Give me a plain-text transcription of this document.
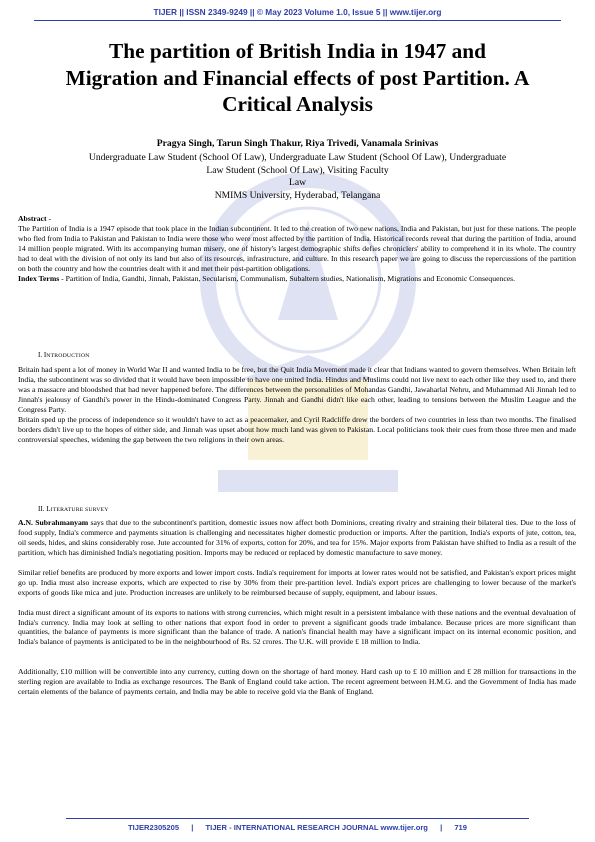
TIJER || ISSN 2349-9249 || © May 2023 Volume 1.0, Issue 5 || www.tijer.org
The partition of British India in 1947 and
Migration and Financial effects of post Partition. A
Critical Analysis
Pragya Singh, Tarun Singh Thakur, Riya Trivedi, Vanamala Srinivas
Undergraduate Law Student (School Of Law), Undergraduate Law Student (School Of Law), Undergraduate
Law Student (School Of Law), Visiting Faculty
Law
NMIMS University, Hyderabad, Telangana

Abstract -

The Partition of India is a 1947 episode that took place in the Indian subcontinent. It led to the creation of two new nations, India and Pakistan, but just for these nations. The people who fled from India to Pakistan and Pakistan to India were those who were most affected by the partition of India. Historical records reveal that during the partition of India, around 14 million people migrated. With its accompanying human misery, one of history's largest demographic shifts defies chroniclers' ability to comprehend it in its whole. The country had to deal with the division of not only its land but also of its resources, infrastructure, and culture. In this research paper we are going to discuss the repercussions of the partition on both the country and how the countries dealt with it and met their post-partition obligations.

Index Terms - Partition of India, Gandhi, Jinnah, Pakistan, Secularism, Communalism, Subaltern studies, Nationalism, Migrations and Economic Consequences.

I. INTRODUCTION

Britain had spent a lot of money in World War II and wanted India to be free, but the Quit India Movement made it clear that Indians wanted to govern themselves. When Britain left India, the subcontinent was so divided that it would have been impossible to have one united India. Hindus and Muslims could not live next to each other like they used to, and there was a massacre and bloodshed that had never happened before. The differences between the personalities of Mohandas Gandhi, Jawaharlal Nehru, and Muhammad Ali Jinnah led to Jinnah's jealousy of Gandhi's power in the Hindu-dominated Congress Party. Jinnah and Gandhi didn't like each other, leading to tensions between the Muslim League and the Congress Party.

Britain sped up the process of independence so it wouldn't have to act as a peacemaker, and Cyril Radcliffe drew the borders of two countries in less than two months. The finalised borders didn't live up to the hopes of either side, and Jinnah was upset about how much land was given to Pakistan. Local politicians took their cues from those three men and made controversial speeches, widening the gap between the two religions in their own areas.

II. LITERATURE SURVEY

A.N. Subrahmanyam says that due to the subcontinent's partition, domestic issues now affect both Dominions, creating rivalry and straining their bilateral ties. Due to the loss of food supply, India's commerce and payments situation is challenging and necessitates higher domestic production or imports. After the partition, India's exports of jute, cotton, tea, oil seeds, hides, and skins considerably rose. Jute accounted for 31% of exports, cotton for 20%, and tea for 15%. Major exports from Pakistan have shifted to India as a result of the partition, which has diminished India's negotiating position. Imports may be reduced or replaced by domestic manufacture to save money.

Similar relief benefits are produced by more exports and lower import costs. India's requirement for imports at lower rates would not be satisfied, and Pakistan's export prices might go up. India must also increase exports, which are expected to rise by 30% from their pre-partition level. India's export prices are challenging to lower because of the market's exports of goods like mica and jute. Production increases are unlikely to be reimbursed because of supply, equipment, and labour issues.

India must direct a significant amount of its exports to nations with strong currencies, which might result in a persistent imbalance with these nations and the eventual devaluation of India's currency. India may look at selling to other nations that export food in order to prevent a significant goods trade imbalance. Because prices are more significant than quantities, the balance of payments is more significant than the balance of trade. A nation's financial health may have a significant impact on its internal economic position, and India's balance of payments is anticipated to be in the neighbourhood of Rs. 52 crores. The U.K. will provide £ 18 million to India.

Additionally, £10 million will be convertible into any currency, cutting down on the shortage of hard money. Hard cash up to £ 10 million and £ 28 million for transactions in the sterling region are available to India as exchange resources. The Bank of England could take action. The recent agreement between H.M.G. and the Government of India has made certain elements of the balance of payments certain, and India may be able to receive gold via the Bank of England.

TIJER2305205 | TIJER - INTERNATIONAL RESEARCH JOURNAL www.tijer.org | 719
